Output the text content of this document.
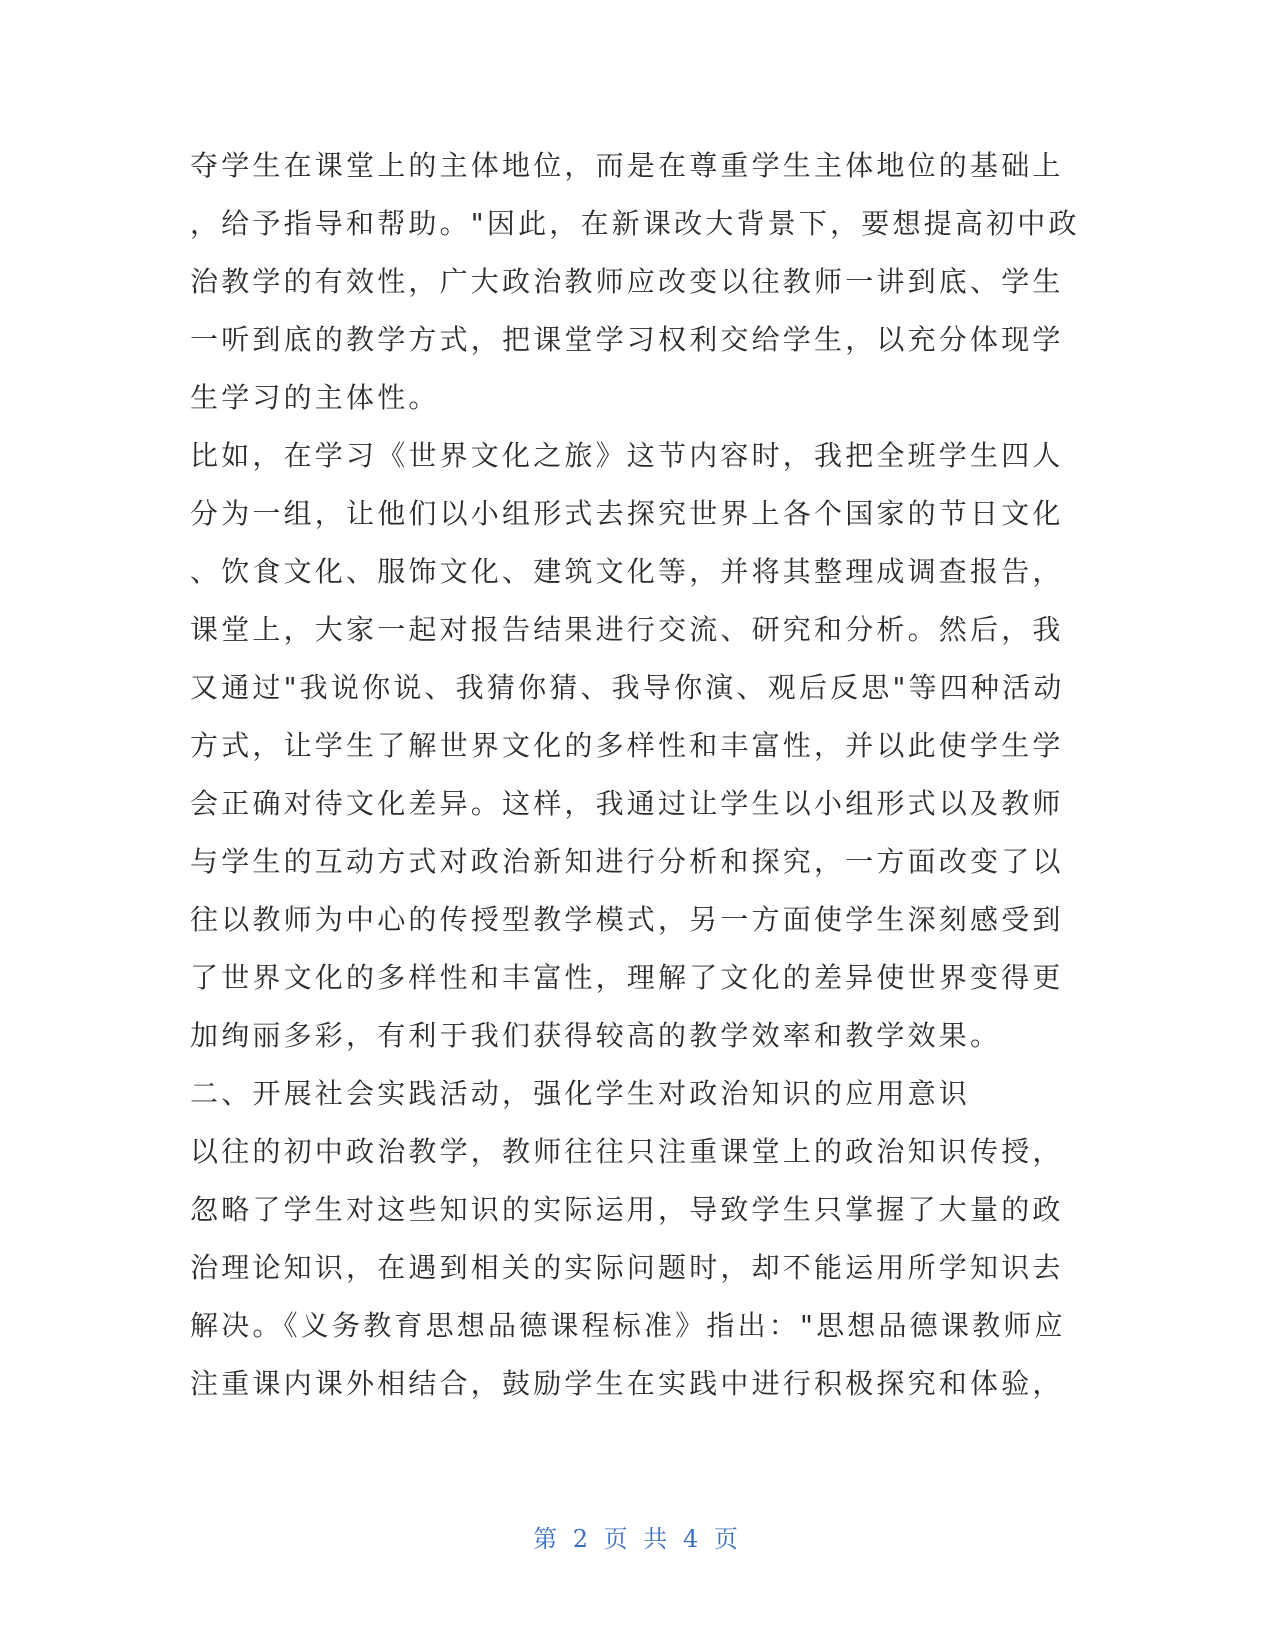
夺学生在课堂上的主体地位，而是在尊重学生主体地位的基础上
，给予指导和帮助。"因此，在新课改大背景下，要想提高初中政
治教学的有效性，广大政治教师应改变以往教师一讲到底、学生
一听到底的教学方式，把课堂学习权利交给学生，以充分体现学
生学习的主体性。
比如，在学习《世界文化之旅》这节内容时，我把全班学生四人
分为一组，让他们以小组形式去探究世界上各个国家的节日文化
、饮食文化、服饰文化、建筑文化等，并将其整理成调查报告，
课堂上，大家一起对报告结果进行交流、研究和分析。然后，我
又通过"我说你说、我猜你猜、我导你演、观后反思"等四种活动
方式，让学生了解世界文化的多样性和丰富性，并以此使学生学
会正确对待文化差异。这样，我通过让学生以小组形式以及教师
与学生的互动方式对政治新知进行分析和探究，一方面改变了以
往以教师为中心的传授型教学模式，另一方面使学生深刻感受到
了世界文化的多样性和丰富性，理解了文化的差异使世界变得更
加绚丽多彩，有利于我们获得较高的教学效率和教学效果。
二、开展社会实践活动，强化学生对政治知识的应用意识
以往的初中政治教学，教师往往只注重课堂上的政治知识传授，
忽略了学生对这些知识的实际运用，导致学生只掌握了大量的政
治理论知识，在遇到相关的实际问题时，却不能运用所学知识去
解决。《义务教育思想品德课程标准》指出："思想品德课教师应
注重课内课外相结合，鼓励学生在实践中进行积极探究和体验，
第 2 页 共 4 页
